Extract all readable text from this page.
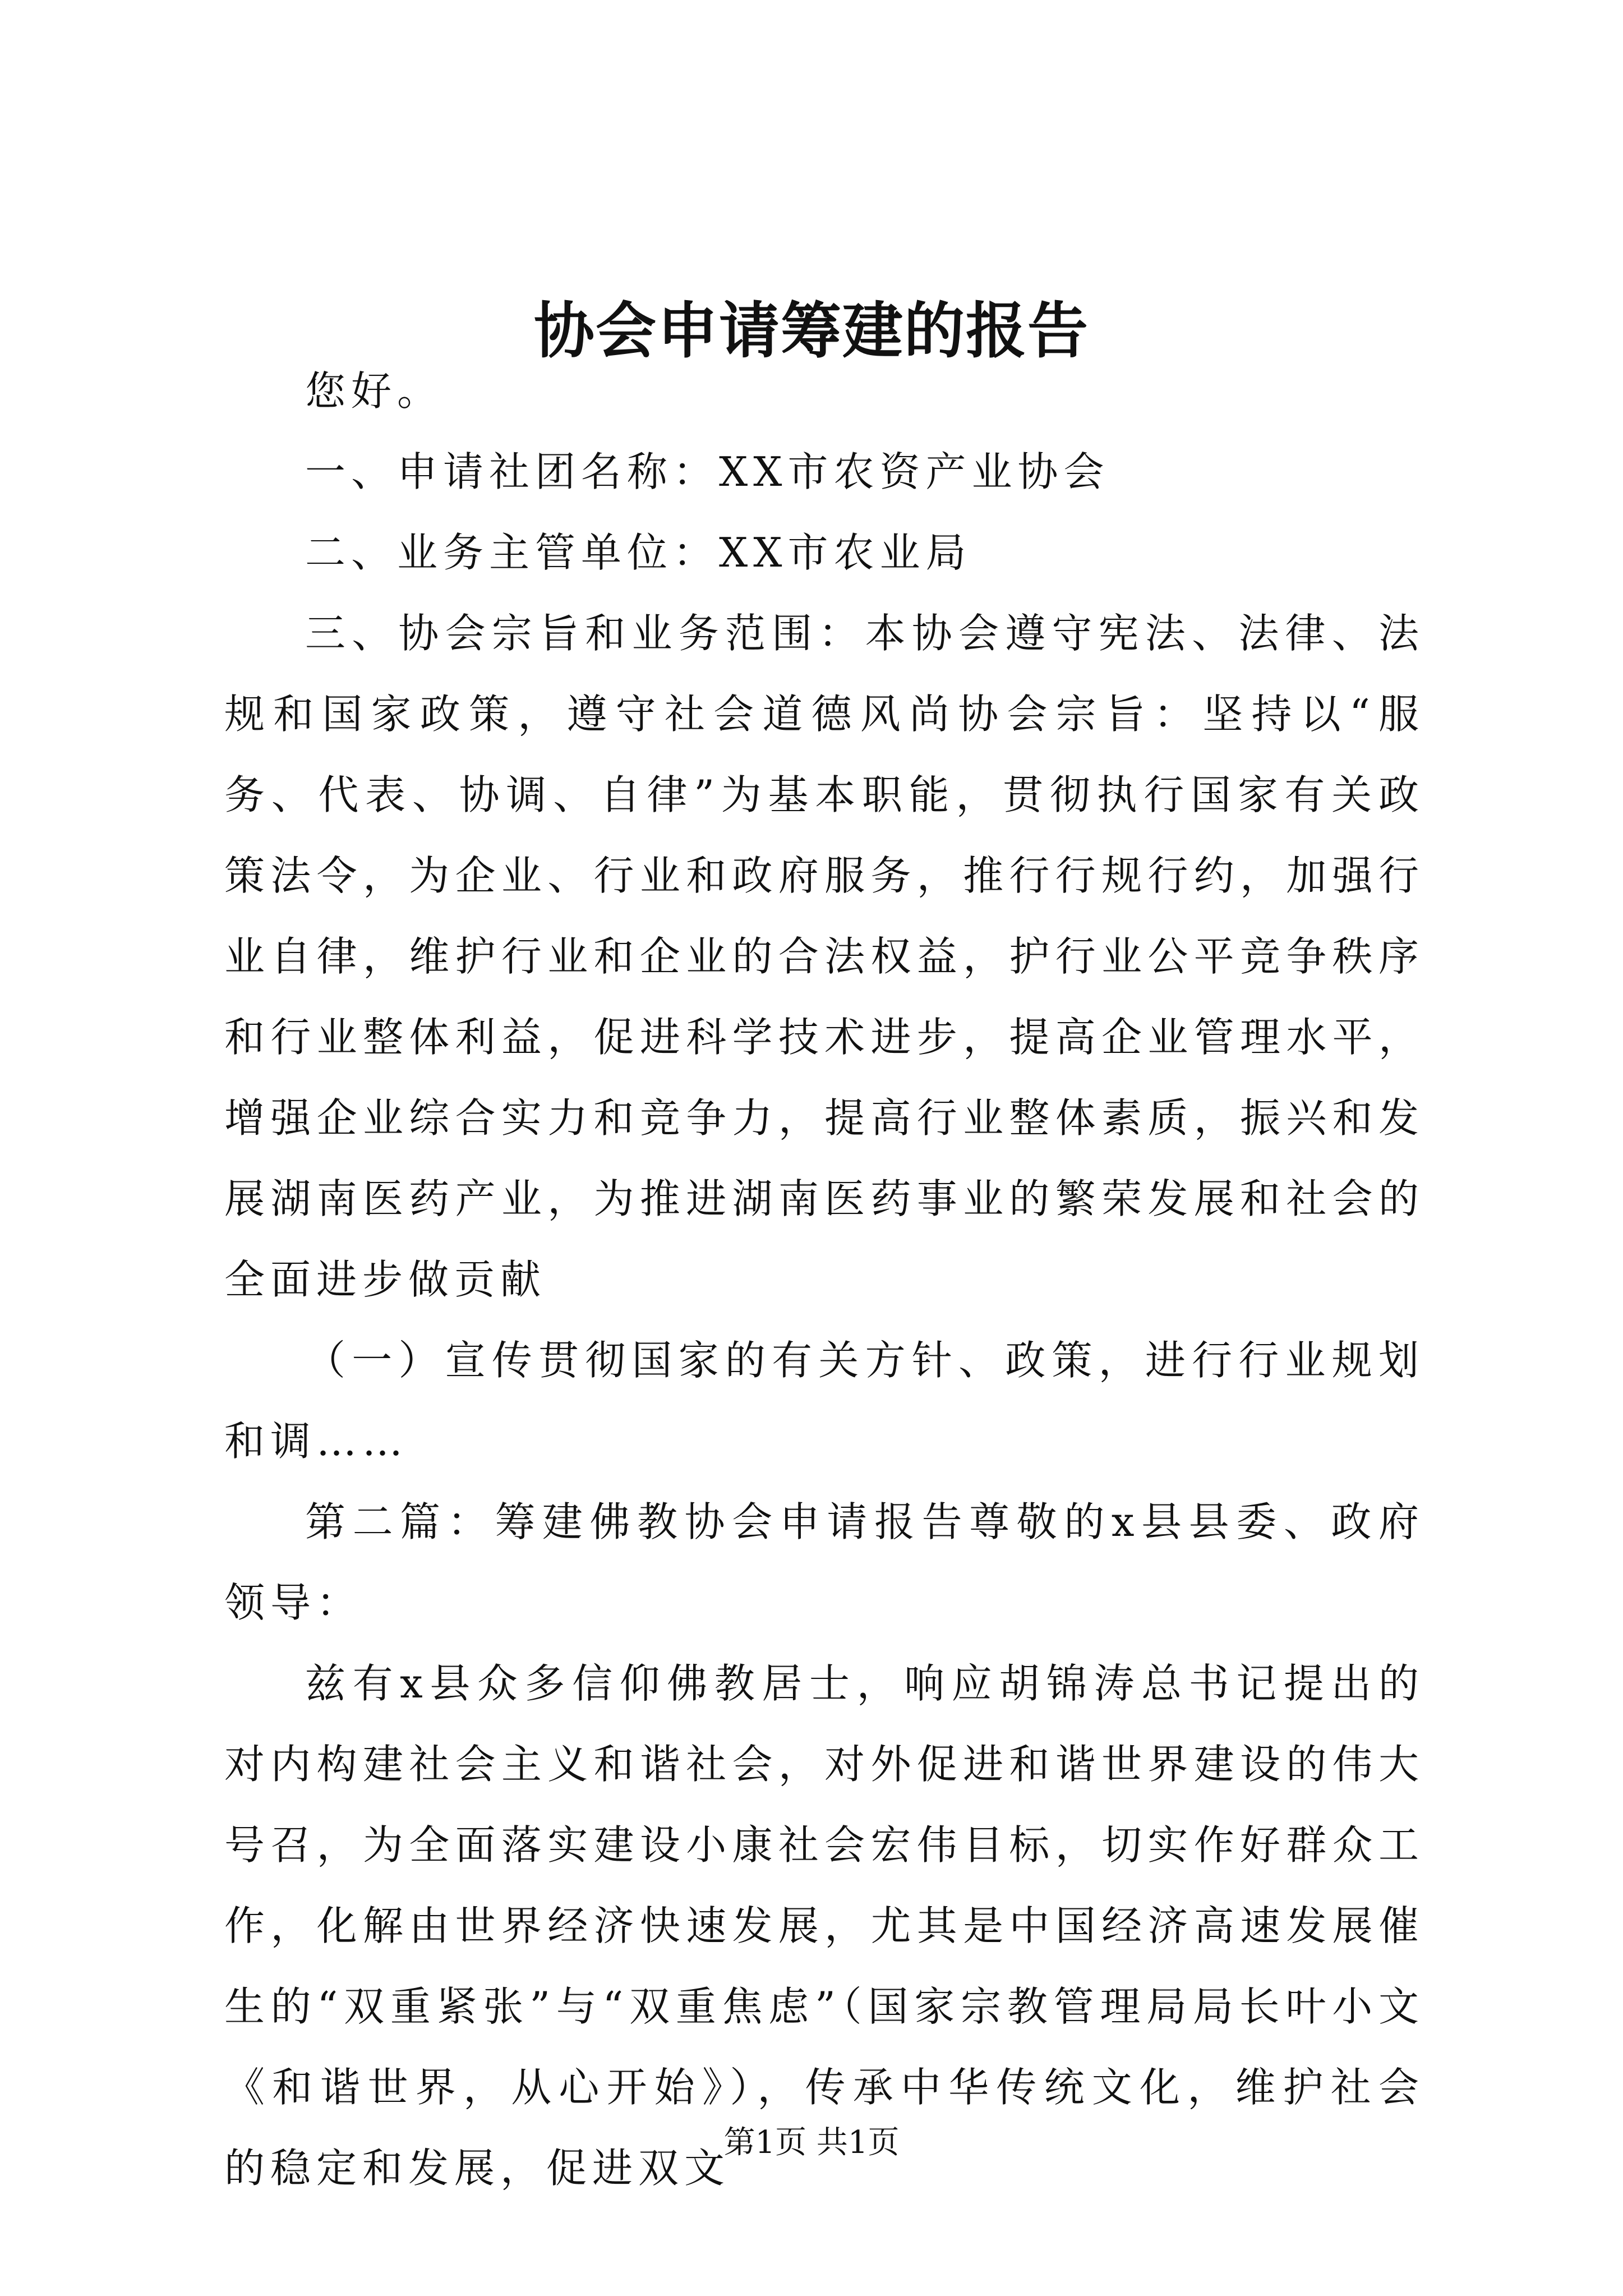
协会申请筹建的报告

您好。

一、申请社团名称：XX市农资产业协会

二、业务主管单位：XX市农业局

三、协会宗旨和业务范围：本协会遵守宪法、法律、法规和国家政策，遵守社会道德风尚协会宗旨：坚持以“服务、代表、协调、自律”为基本职能，贯彻执行国家有关政策法令，为企业、行业和政府服务，推行行规行约，加强行业自律，维护行业和企业的合法权益，护行业公平竞争秩序和行业整体利益，促进科学技术进步，提高企业管理水平，增强企业综合实力和竞争力，提高行业整体素质，振兴和发展湖南医药产业，为推进湖南医药事业的繁荣发展和社会的全面进步做贡献

（一）宣传贯彻国家的有关方针、政策，进行行业规划和调……

第二篇：筹建佛教协会申请报告尊敬的x县县委、政府领导：

兹有x县众多信仰佛教居士，响应胡锦涛总书记提出的对内构建社会主义和谐社会，对外促进和谐世界建设的伟大号召，为全面落实建设小康社会宏伟目标，切实作好群众工作，化解由世界经济快速发展，尤其是中国经济高速发展催生的“双重紧张”与“双重焦虑”（国家宗教管理局局长叶小文《和谐世界，从心开始》），传承中华传统文化，维护社会的稳定和发展，促进双文

第1页 共1页
